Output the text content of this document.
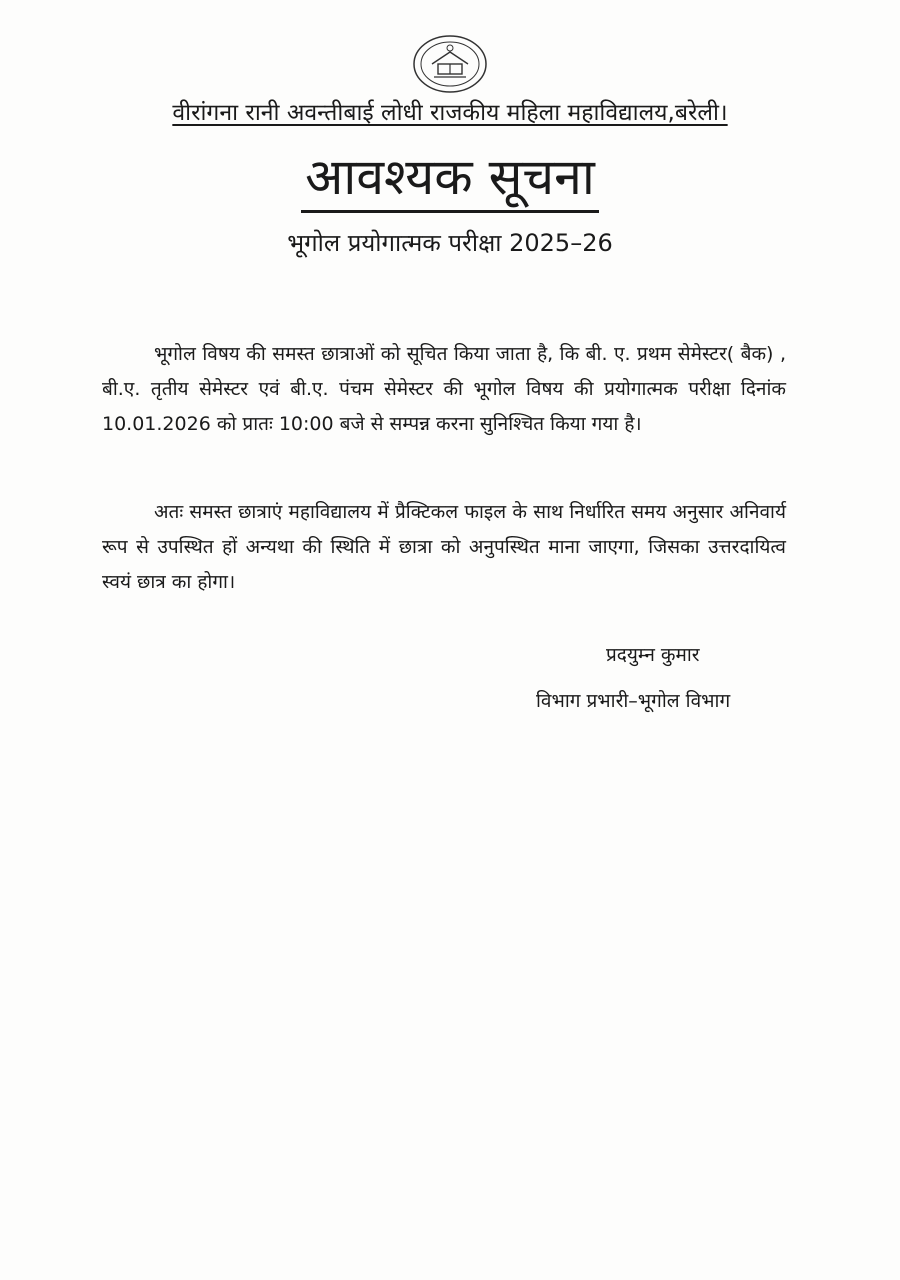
वीरांगना रानी अवन्तीबाई लोधी राजकीय महिला महाविद्यालय,बरेली।
आवश्यक सूचना
भूगोल प्रयोगात्मक परीक्षा 2025–26

भूगोल विषय की समस्त छात्राओं को सूचित किया जाता है, कि बी. ए. प्रथम सेमेस्टर( बैक) , बी.ए. तृतीय सेमेस्टर एवं बी.ए. पंचम सेमेस्टर की भूगोल विषय की प्रयोगात्मक परीक्षा दिनांक 10.01.2026 को प्रातः 10:00 बजे से सम्पन्न करना सुनिश्चित किया गया है।

अतः समस्त छात्राएं महाविद्यालय में प्रैक्टिकल फाइल के साथ निर्धारित समय अनुसार अनिवार्य रूप से उपस्थित हों अन्यथा की स्थिति में छात्रा को अनुपस्थित माना जाएगा, जिसका उत्तरदायित्व स्वयं छात्र का होगा।

प्रदयुम्न कुमार
विभाग प्रभारी–भूगोल विभाग
